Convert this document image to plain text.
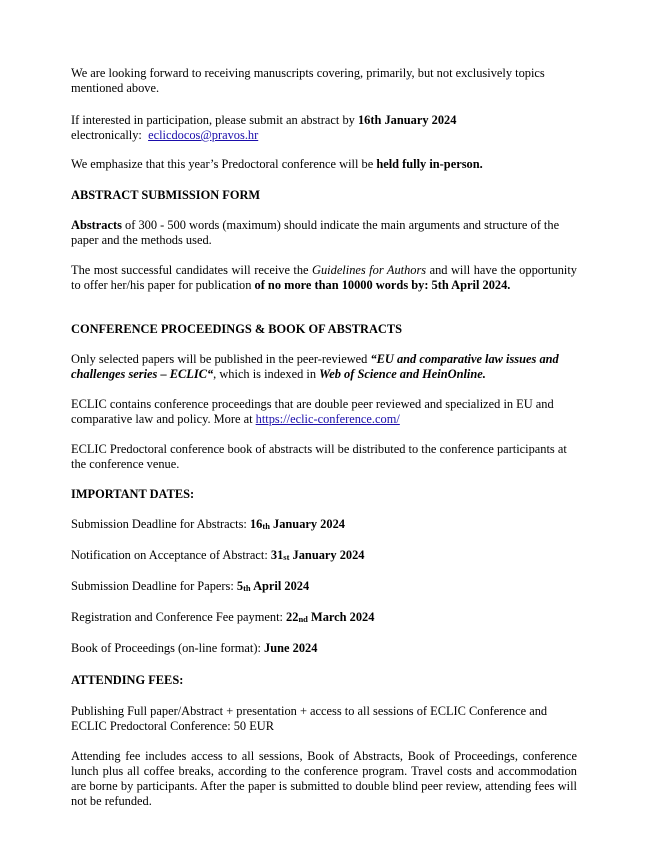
We are looking forward to receiving manuscripts covering, primarily, but not exclusively topics mentioned above.

If interested in participation, please submit an abstract by 16th January 2024
electronically: eclicdocos@pravos.hr

We emphasize that this year’s Predoctoral conference will be held fully in-person.

ABSTRACT SUBMISSION FORM

Abstracts of 300 - 500 words (maximum) should indicate the main arguments and structure of the paper and the methods used.

The most successful candidates will receive the Guidelines for Authors and will have the opportunity to offer her/his paper for publication of no more than 10000 words by: 5th April 2024.

CONFERENCE PROCEEDINGS & BOOK OF ABSTRACTS

Only selected papers will be published in the peer-reviewed “EU and comparative law issues and challenges series – ECLIC“, which is indexed in Web of Science and HeinOnline.

ECLIC contains conference proceedings that are double peer reviewed and specialized in EU and comparative law and policy. More at https://eclic-conference.com/

ECLIC Predoctoral conference book of abstracts will be distributed to the conference participants at the conference venue.

IMPORTANT DATES:

Submission Deadline for Abstracts: $16_{th}$ January 2024

Notification on Acceptance of Abstract: $31_{st}$ January 2024

Submission Deadline for Papers: $5_{th}$ April 2024

Registration and Conference Fee payment: $22_{nd}$ March 2024

Book of Proceedings (on-line format): June 2024

ATTENDING FEES:

Publishing Full paper/Abstract + presentation + access to all sessions of ECLIC Conference and ECLIC Predoctoral Conference: 50 EUR

Attending fee includes access to all sessions, Book of Abstracts, Book of Proceedings, conference lunch plus all coffee breaks, according to the conference program. Travel costs and accommodation are borne by participants. After the paper is submitted to double blind peer review, attending fees will not be refunded.
